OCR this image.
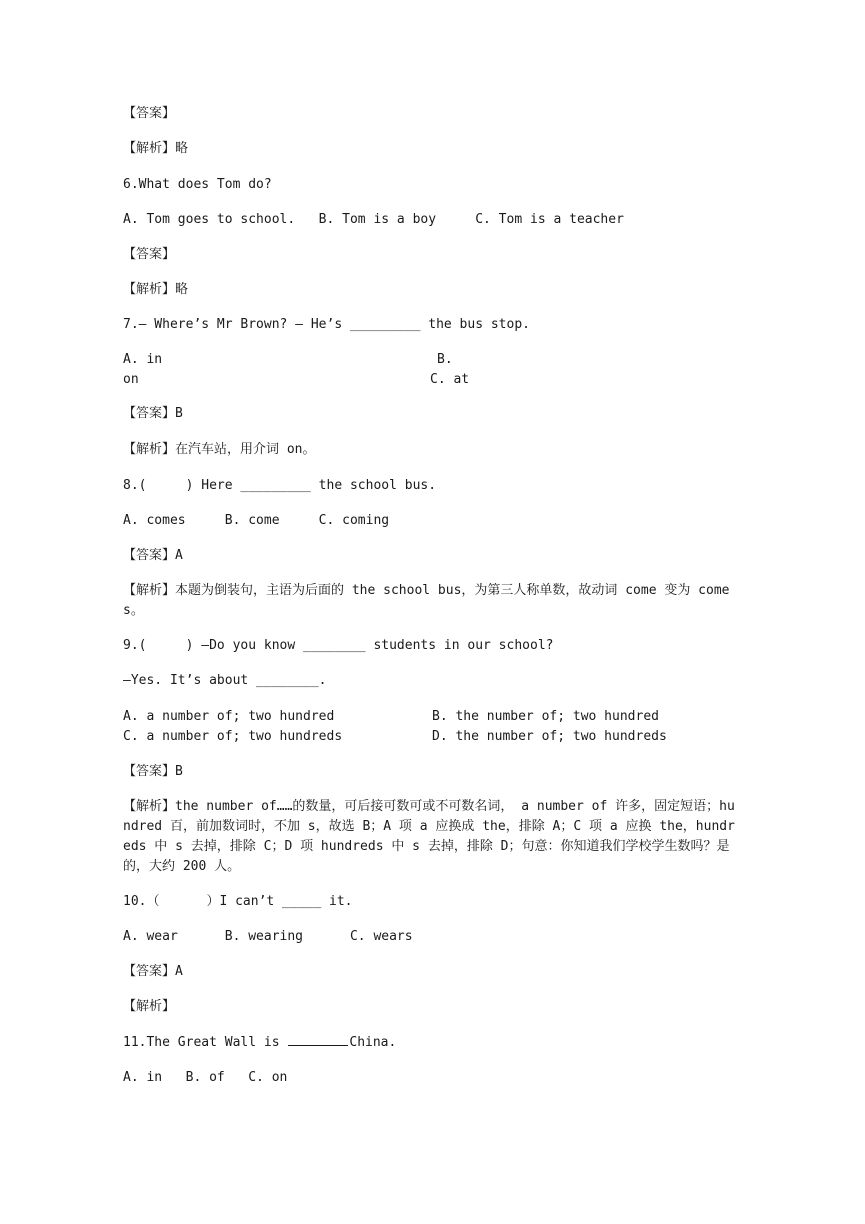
【答案】
【解析】略
6.What does Tom do?
A. Tom goes to school.   B. Tom is a boy     C. Tom is a teacher
【答案】
【解析】略
7.— Where’s Mr Brown? — He’s _________ the bus stop.
A. in	B.
on	C. at
【答案】B
【解析】在汽车站，用介词 on。
8.(     ) Here _________ the school bus.
A. comes     B. come     C. coming
【答案】A
【解析】本题为倒装句，主语为后面的 the school bus，为第三人称单数，故动词 come 变为 comes。
9.(     ) —Do you know ________ students in our school?
—Yes. It’s about ________.
A. a number of; two hundred	B. the number of; two hundred
C. a number of; two hundreds	D. the number of; two hundreds
【答案】B
【解析】the number of……的数量，可后接可数可或不可数名词， a number of 许多，固定短语；hundred 百，前加数词时，不加 s，故选 B；A 项 a 应换成 the，排除 A；C 项 a 应换 the，hundreds 中 s 去掉，排除 C；D 项 hundreds 中 s 去掉，排除 D；句意：你知道我们学校学生数吗？是的，大约 200 人。
10.（      ）I can’t _____ it.
A. wear      B. wearing      C. wears
【答案】A
【解析】
11.The Great Wall is	China.
A. in   B. of   C. on
